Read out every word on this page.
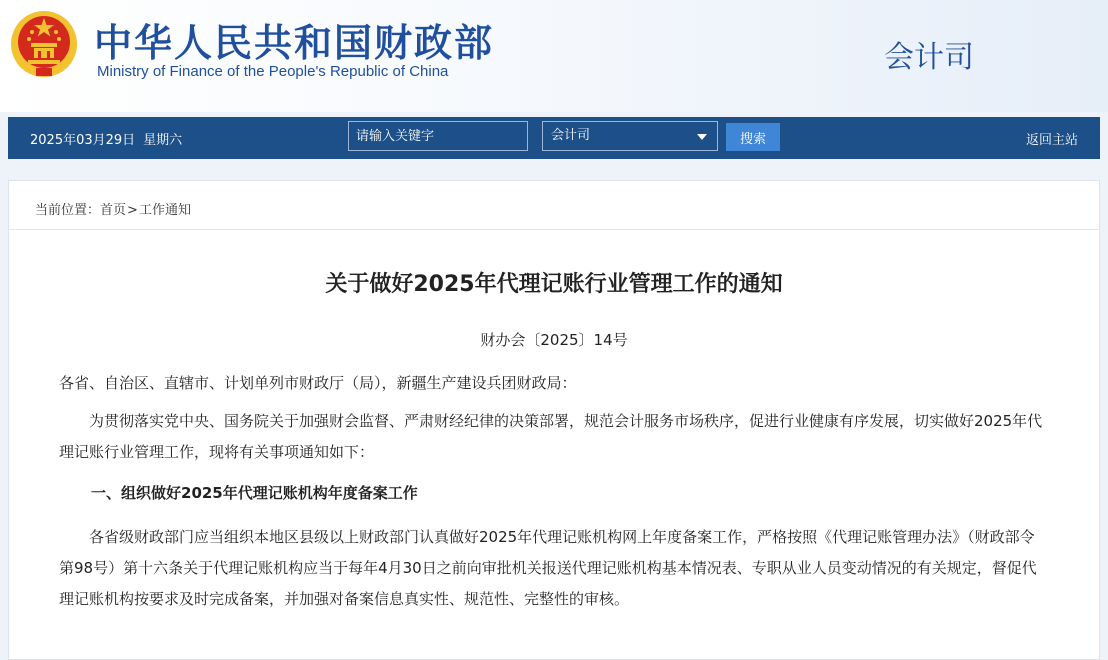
中华人民共和国财政部
Ministry of Finance of the People's Republic of China	会计司
2025年03月29日 星期六
请输入关键字	会计司	搜索	返回主站
当前位置：首页>工作通知
关于做好2025年代理记账行业管理工作的通知
财办会〔2025〕14号
各省、自治区、直辖市、计划单列市财政厅（局），新疆生产建设兵团财政局：

为贯彻落实党中央、国务院关于加强财会监督、严肃财经纪律的决策部署，规范会计服务市场秩序，促进行业健康有序发展，切实做好2025年代理记账行业管理工作，现将有关事项通知如下：

一、组织做好2025年代理记账机构年度备案工作

各省级财政部门应当组织本地区县级以上财政部门认真做好2025年代理记账机构网上年度备案工作，严格按照《代理记账管理办法》（财政部令第98号）第十六条关于代理记账机构应当于每年4月30日之前向审批机关报送代理记账机构基本情况表、专职从业人员变动情况的有关规定，督促代理记账机构按要求及时完成备案，并加强对备案信息真实性、规范性、完整性的审核。
